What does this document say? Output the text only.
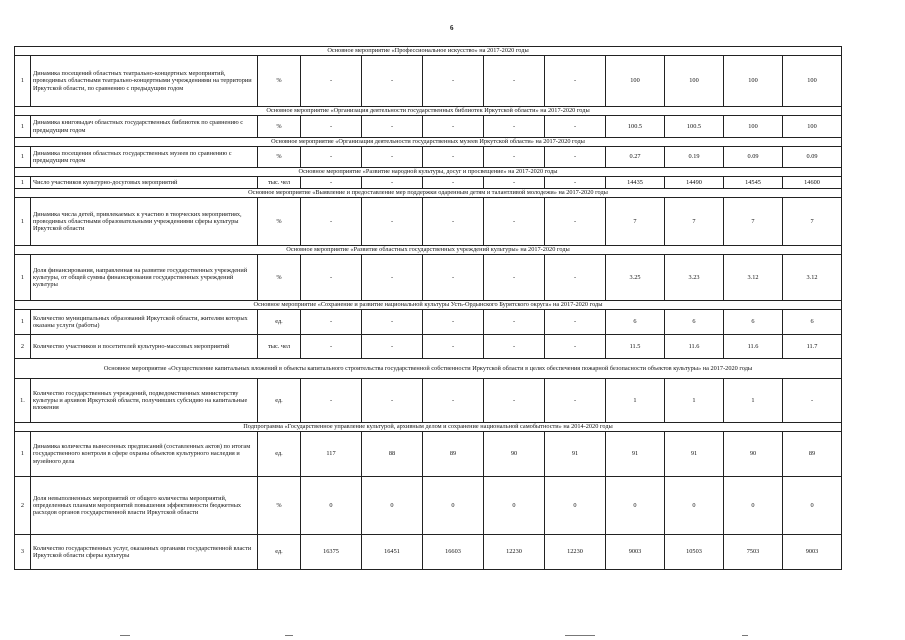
6
Основное мероприятие «Профессиональное искусство» на 2017-2020 годы											
1	Динамика посещений областных театрально-концертных мероприятий, проводимых областными театрально-концертными учреждениями на территории Иркутской области, по сравнению с предыдущим годом	%	-	-	-	-	-	100	100	100	100
Основное мероприятие «Организация деятельности государственных библиотек Иркутской области» на 2017-2020 годы											
1	Динамика книговыдач областных государственных библиотек по сравнению с предыдущим годом	%	-	-	-	-	-	100.5	100.5	100	100
Основное мероприятие «Организация деятельности государственных музеев Иркутской области» на 2017-2020 годы											
1	Динамика посещения областных государственных музеев по сравнению с предыдущим годом	%	-	-	-	-	-	0.27	0.19	0.09	0.09
Основное мероприятие «Развитие народной культуры, досуг и просвещение» на 2017-2020 годы											
1	Число участников культурно-досуговых мероприятий	тыс. чел	-	-	-	-	-	14435	14490	14545	14600
Основное мероприятие «Выявление и предоставление мер поддержки одаренным детям и талантливой молодежи» на 2017-2020 годы											
1	Динамика числа детей, привлекаемых к участию в творческих мероприятиях, проводимых областными образовательными учреждениями сферы культуры Иркутской области	%	-	-	-	-	-	7	7	7	7
Основное мероприятие «Развитие областных государственных учреждений культуры» на 2017-2020 годы											
1	Доля финансирования, направленная на развитие государственных учреждений культуры, от общей суммы финансирования государственных учреждений культуры	%	-	-	-	-	-	3.25	3.23	3.12	3.12
Основное мероприятие «Сохранение и развитие национальной культуры Усть-Ордынского Бурятского округа» на 2017-2020 годы											
1	Количество муниципальных образований Иркутской области, жителям которых оказаны услуги (работы)	ед.	-	-	-	-	-	6	6	6	6
2	Количество участников и посетителей культурно-массовых мероприятий	тыс. чел	-	-	-	-	-	11.5	11.6	11.6	11.7
Основное мероприятие «Осуществление капитальных вложений в объекты капитального строительства государственной собственности Иркутской области в целях обеспечения пожарной безопасности объектов культуры» на 2017-2020 годы											
1.	Количество государственных учреждений, подведомственных министерству культуры и архивов Иркутской области, получивших субсидию на капитальные вложения	ед.	-	-	-	-	-	1	1	1	-
Подпрограмма «Государственное управление культурой, архивным делом и сохранение национальной самобытности» на 2014-2020 годы											
1	Динамика количества вынесенных предписаний (составленных актов) по итогам государственного контроля в сфере охраны объектов культурного наследия и музейного дела	ед.	117	88	89	90	91	91	91	90	89
2	Доля невыполненных мероприятий от общего количества мероприятий, определенных планами мероприятий повышения эффективности бюджетных расходов органов государственной власти Иркутской области	%	0	0	0	0	0	0	0	0	0
3	Количество государственных услуг, оказанных органами государственной власти Иркутской области сферы культуры	ед.	16375	16451	16603	12230	12230	9003	10503	7503	9003
